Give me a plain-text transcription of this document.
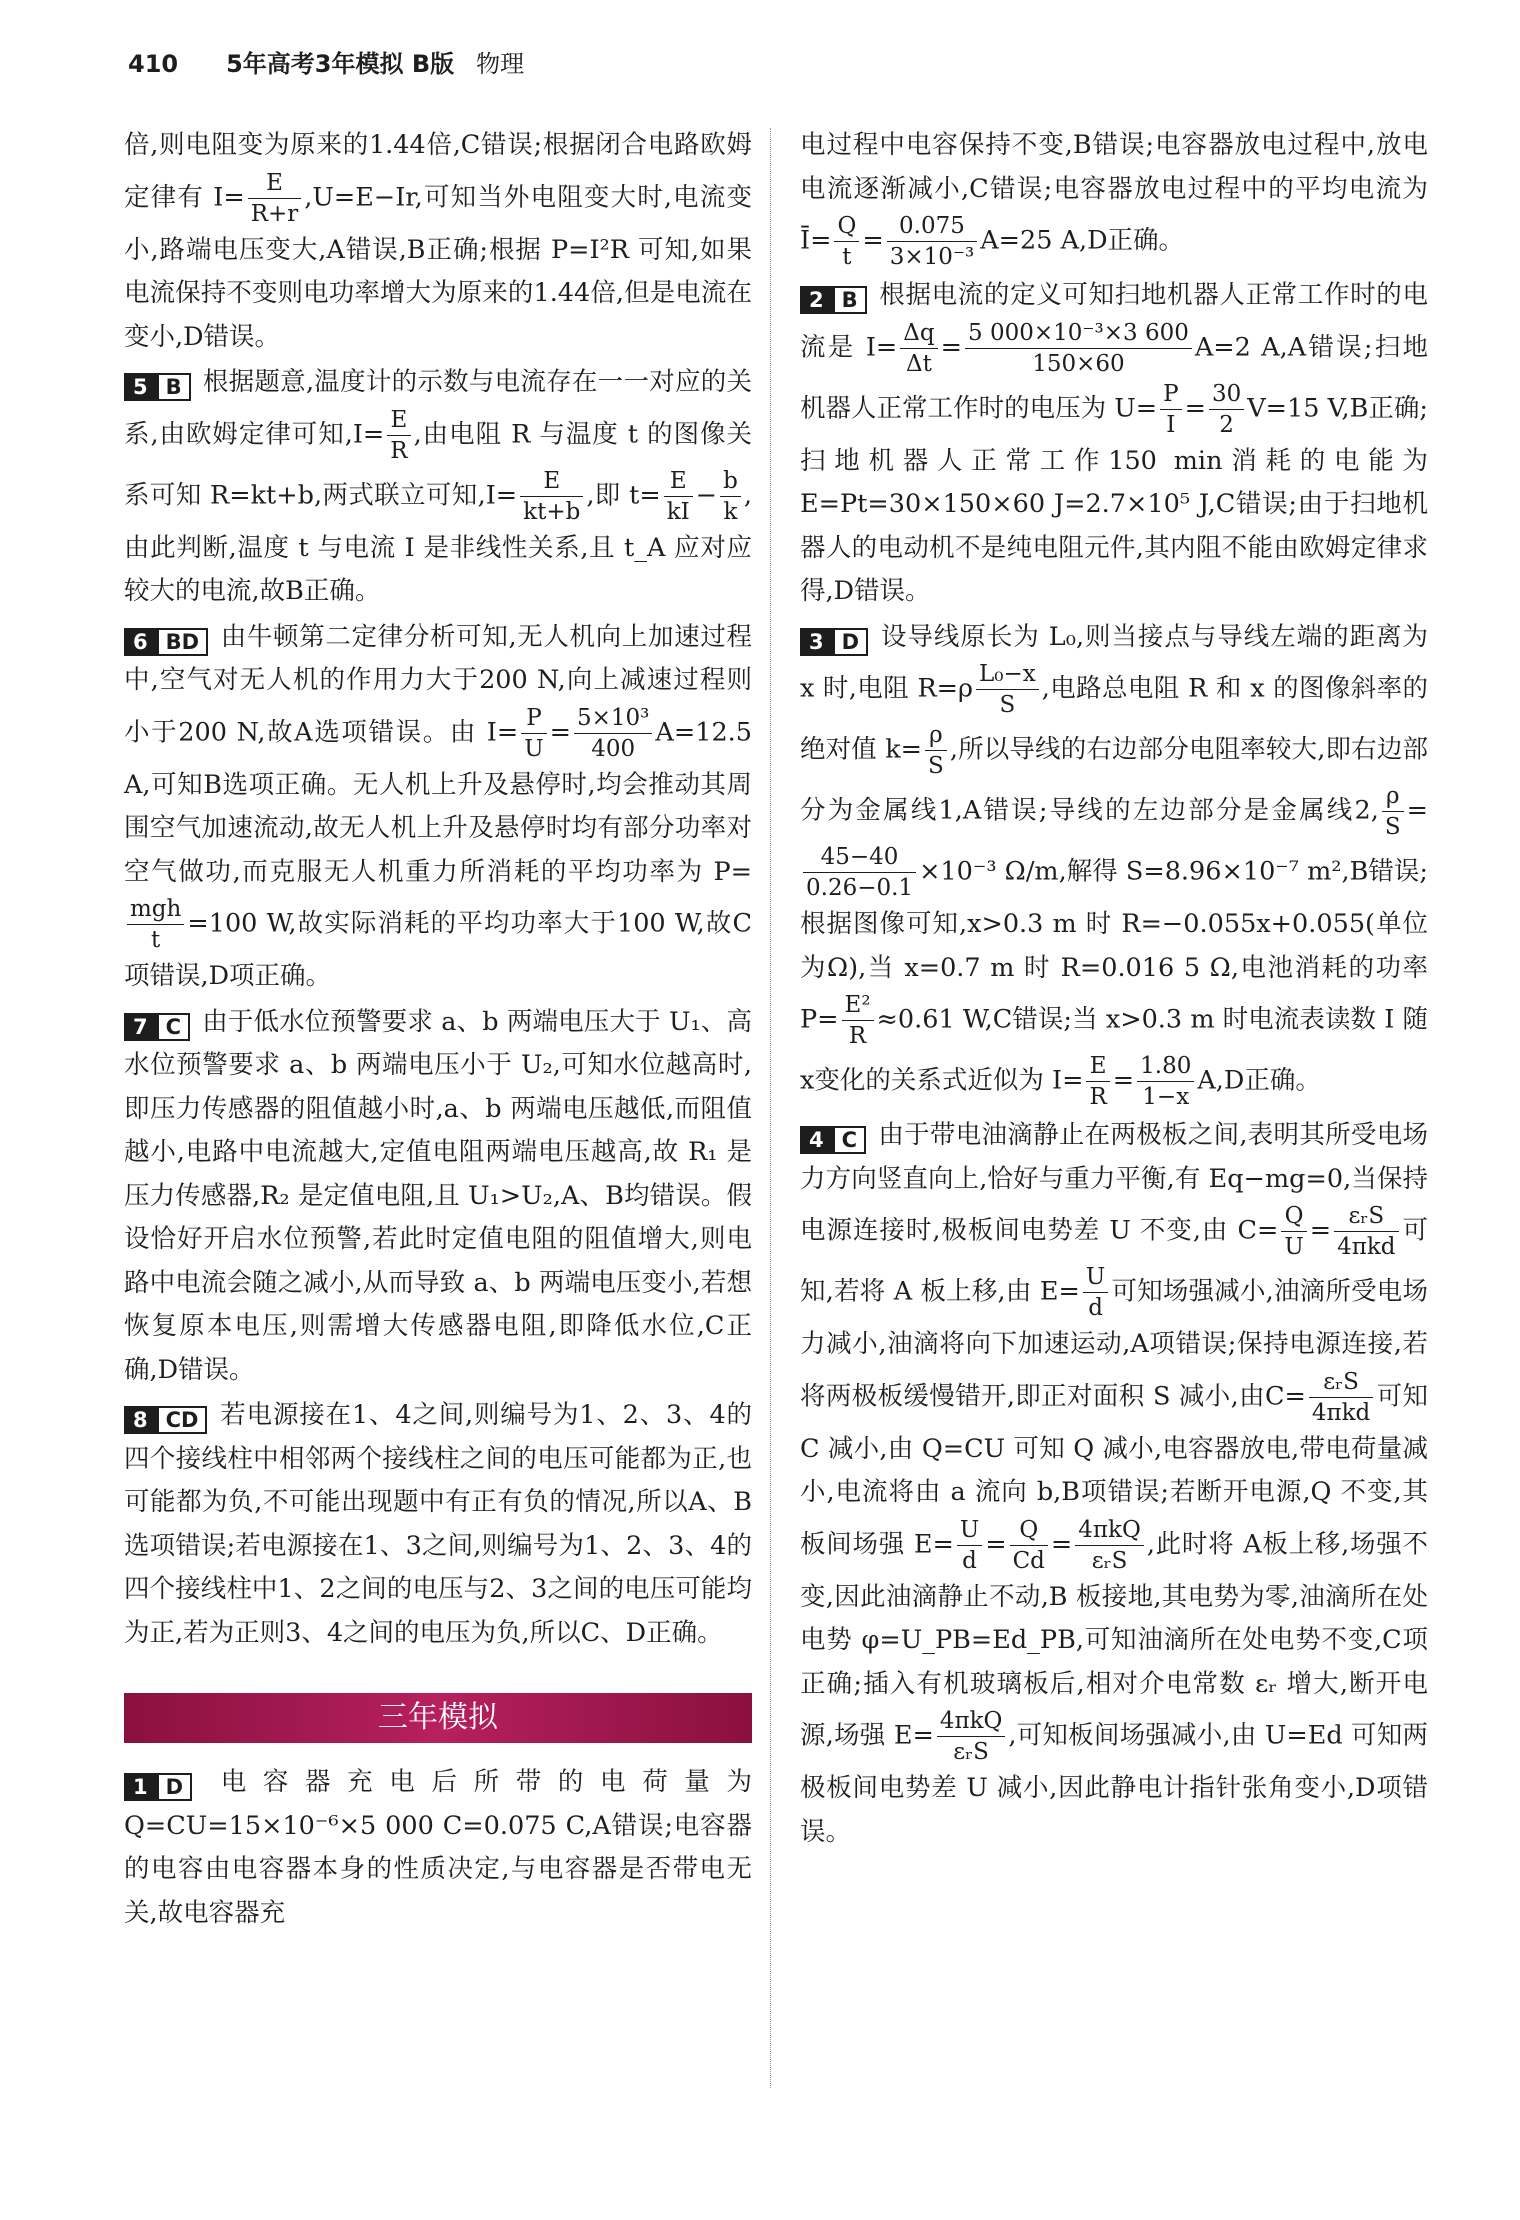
410 5年高考3年模拟 B版 物理

倍,则电阻变为原来的1.44倍,C错误;根据闭合电路欧姆定律有 $I= \frac{E}{R+r} ,U=E-Ir$,可知当外电阻变大时,电流变小,路端电压变大,A错误,B正确;根据 P=I²R 可知,如果电流保持不变则电功率增大为原来的1.44倍,但是电流在变小,D错误。

5 B 根据题意,温度计的示数与电流存在一一对应的关系,由欧姆定律可知$,I= \frac{E}{R}$ ,由电阻 R 与温度 t 的图像关系可知 R=kt+b,两式联立可知$,I= \frac{E}{kt+b}$ ,即 $t= \frac{E}{kI} - \frac{b}{k}$ ,由此判断,温度 t 与电流 I 是非线性关系,且 t_A 应对应较大的电流,故B正确。

6 BD 由牛顿第二定律分析可知,无人机向上加速过程中,空气对无人机的作用力大于200 N,向上减速过程则小于200 N,故A选项错误。由 $I= \frac{P}{U} = \frac{\text{5×10³}}{400} A=12.5$ A,可知B选项正确。无人机上升及悬停时,均会推动其周围空气加速流动,故无人机上升及悬停时均有部分功率对空气做功,而克服无人机重力所消耗的平均功率为 P=
$\frac{\text{mgh}}{t} =100$ W,故实际消耗的平均功率大于100 W,故C项错误,D项正确。

7 C 由于低水位预警要求 a、b 两端电压大于 U₁、高水位预警要求 a、b 两端电压小于 U₂,可知水位越高时,即压力传感器的阻值越小时,a、b 两端电压越低,而阻值越小,电路中电流越大,定值电阻两端电压越高,故 R₁ 是压力传感器,R₂ 是定值电阻,且 U₁>U₂,A、B均错误。假设恰好开启水位预警,若此时定值电阻的阻值增大,则电路中电流会随之减小,从而导致 a、b 两端电压变小,若想恢复原本电压,则需增大传感器电阻,即降低水位,C正确,D错误。

8 CD 若电源接在1、4之间,则编号为1、2、3、4的四个接线柱中相邻两个接线柱之间的电压可能都为正,也可能都为负,不可能出现题中有正有负的情况,所以A、B选项错误;若电源接在1、3之间,则编号为1、2、3、4的四个接线柱中1、2之间的电压与2、3之间的电压可能均为正,若为正则3、4之间的电压为负,所以C、D正确。

三年模拟

1 D 电容器充电后所带的电荷量为 Q=CU=15×10⁻⁶×5 000 C=0.075 C,A错误;电容器的电容由电容器本身的性质决定,与电容器是否带电无关,故电容器充

电过程中电容保持不变,B错误;电容器放电过程中,放电电流逐渐减小,C错误;电容器放电过程中的平均电流为 Ī= $\frac{Q}{t} = \frac{0.075}{\text{3×10⁻³}} A=25$ A,D正确。

2 B 根据电流的定义可知扫地机器人正常工作时的电流是 $I= \frac{\Delta q}{\Delta t} = \frac{\text{5 000×10⁻³×3 600}}{150\times 60} A=2$ A,A错误;扫地机器人正常工作时的电压为 $U= \frac{P}{I} = \frac{30}{2} V=15$ V,B正确;扫地机器人正常工作150 min消耗的电能为 E=Pt=30×150×60 J=2.7×10⁵ J,C错误;由于扫地机器人的电动机不是纯电阻元件,其内阻不能由欧姆定律求得,D错误。

3 D 设导线原长为 L₀,则当接点与导线左端的距离为 x 时,电阻 $R=\rho \frac{\text{L₀−x}}{S}$ ,电路总电阻 R 和 x 的图像斜率的绝对值 $k= \frac{\rho}{S}$ ,所以导线的右边部分电阻率较大,即右边部分为金属线1,A错误;导线的左边部分是金属线2, $\frac{\rho}{S}$ =
$\frac{45-40}{0.26-0.1} \times 10^{-3}$ Ω/m,解得 S=8.96×10⁻⁷ m²,B错误;根据图像可知,x>0.3 m 时 R=−0.055x+0.055(单位为Ω),当 x=0.7 m 时 R=0.016 5 Ω,电池消耗的功率$P= \frac{\text{E²}}{R} \approx 0.61$ W,C错误;当 x>0.3 m 时电流表读数 I 随 x变化的关系式近似为 $I= \frac{E}{R} = \frac{1.80}{1-x} A,D$正确。

4 C 由于带电油滴静止在两极板之间,表明其所受电场力方向竖直向上,恰好与重力平衡,有 Eq−mg=0,当保持电源连接时,极板间电势差 U 不变,由 $C= \frac{Q}{U} = \frac{\text{εᵣS}}{\text{4πkd}}$ 可知,若将 A 板上移,由 $E= \frac{U}{d}$ 可知场强减小,油滴所受电场力减小,油滴将向下加速运动,A项错误;保持电源连接,若将两极板缓慢错开,即正对面积 S 减小,由$C= \frac{\text{εᵣS}}{\text{4πkd}}$ 可知 C 减小,由 Q=CU 可知 Q 减小,电容器放电,带电荷量减小,电流将由 a 流向 b,B项错误;若断开电源,Q 不变,其板间场强 $E= \frac{U}{d} = \frac{Q}{Cd} = \frac{\text{4πkQ}}{\text{εᵣS}}$ ,此时将 A板上移,场强不变,因此油滴静止不动,B 板接地,其电势为零,油滴所在处电势 φ=U_PB=Ed_PB,可知油滴所在处电势不变,C项正确;插入有机玻璃板后,相对介电常数 εᵣ 增大,断开电源,场强 $E= \frac{\text{4πkQ}}{\text{εᵣS}}$ ,可知板间场强减小,由 U=Ed 可知两极板间电势差 U 减小,因此静电计指针张角变小,D项错误。
